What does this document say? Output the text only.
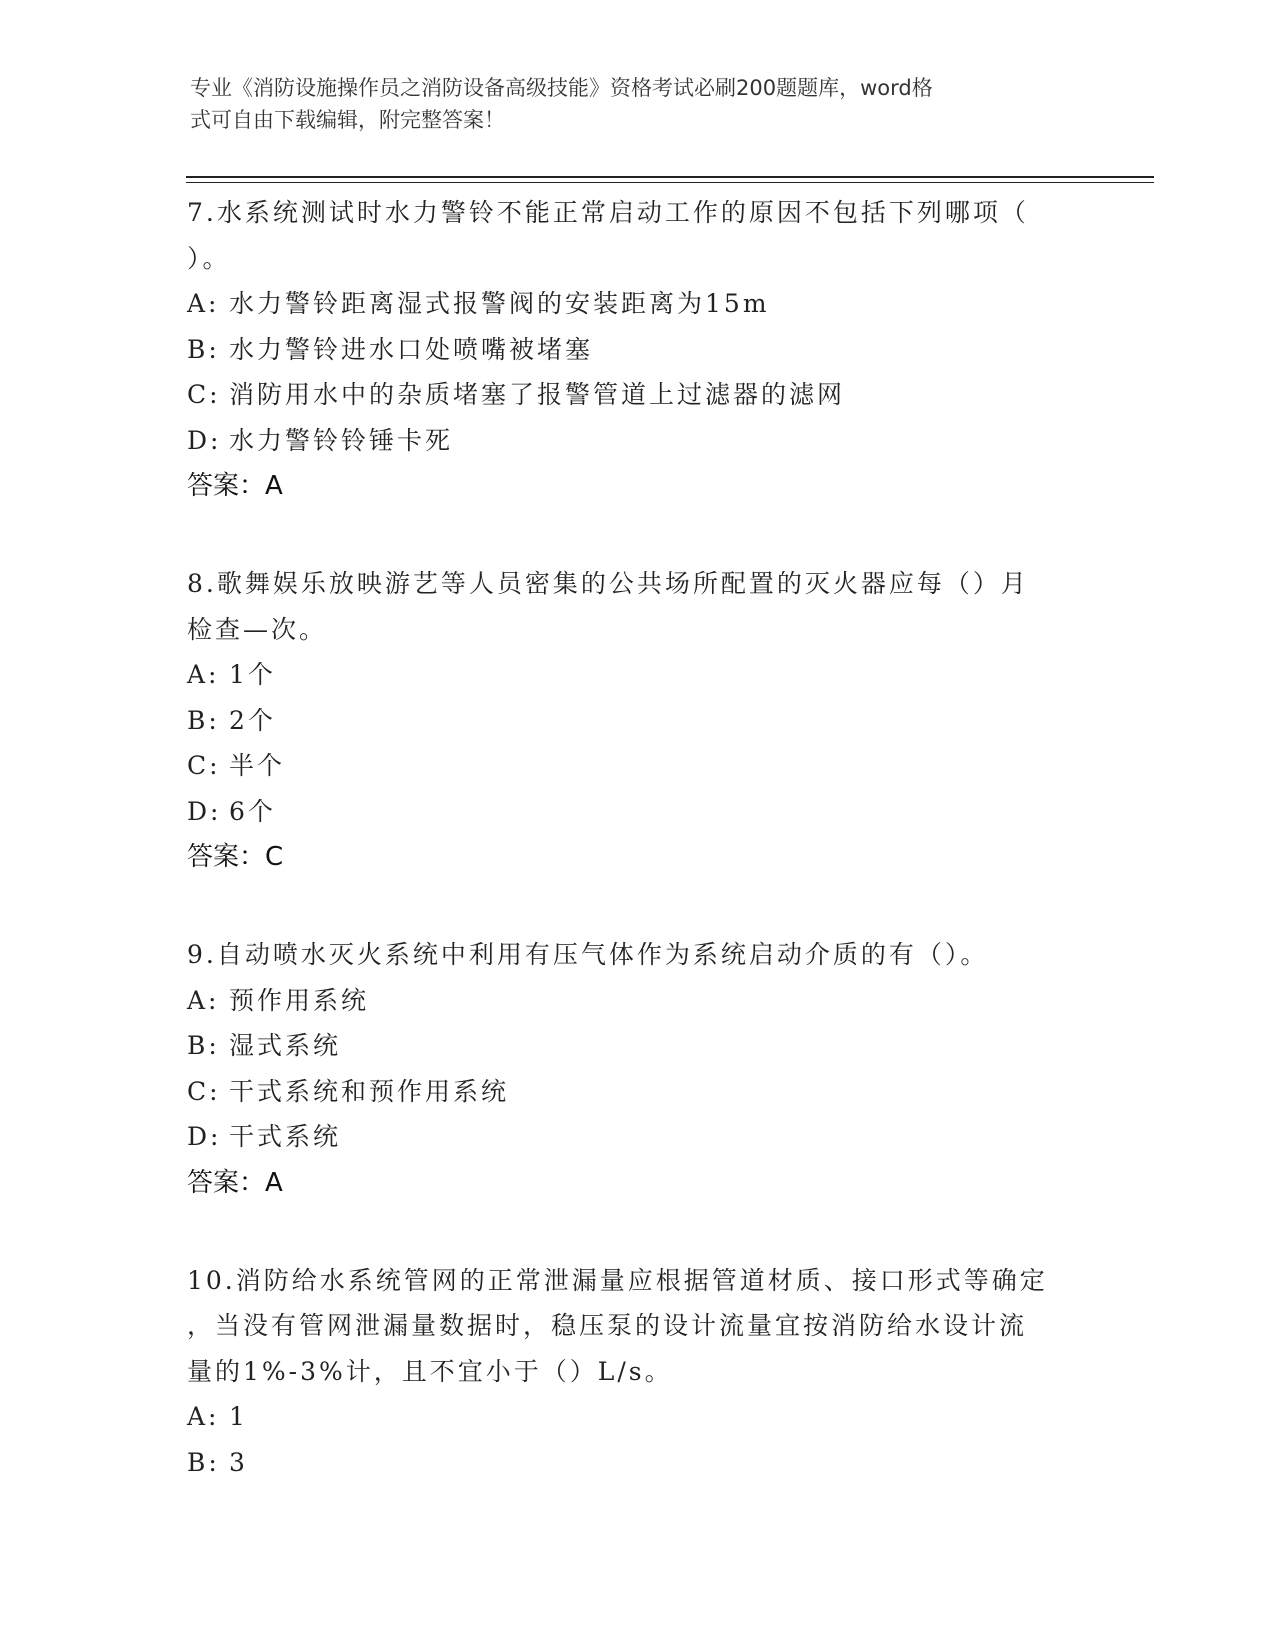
专业《消防设施操作员之消防设备高级技能》资格考试必刷200题题库，word格
式可自由下载编辑，附完整答案！
7.水系统测试时水力警铃不能正常启动工作的原因不包括下列哪项（
）。
A: 水力警铃距离湿式报警阀的安装距离为15m
B: 水力警铃进水口处喷嘴被堵塞
C: 消防用水中的杂质堵塞了报警管道上过滤器的滤网
D: 水力警铃铃锤卡死
答案：A
8.歌舞娱乐放映游艺等人员密集的公共场所配置的灭火器应每（）月
检查—次。
A: 1个
B: 2个
C: 半个
D: 6个
答案：C
9.自动喷水灭火系统中利用有压气体作为系统启动介质的有（）。
A: 预作用系统
B: 湿式系统
C: 干式系统和预作用系统
D: 干式系统
答案：A
10.消防给水系统管网的正常泄漏量应根据管道材质、接口形式等确定
，当没有管网泄漏量数据时，稳压泵的设计流量宜按消防给水设计流
量的1%-3%计，且不宜小于（）L/s。
A: 1
B: 3
